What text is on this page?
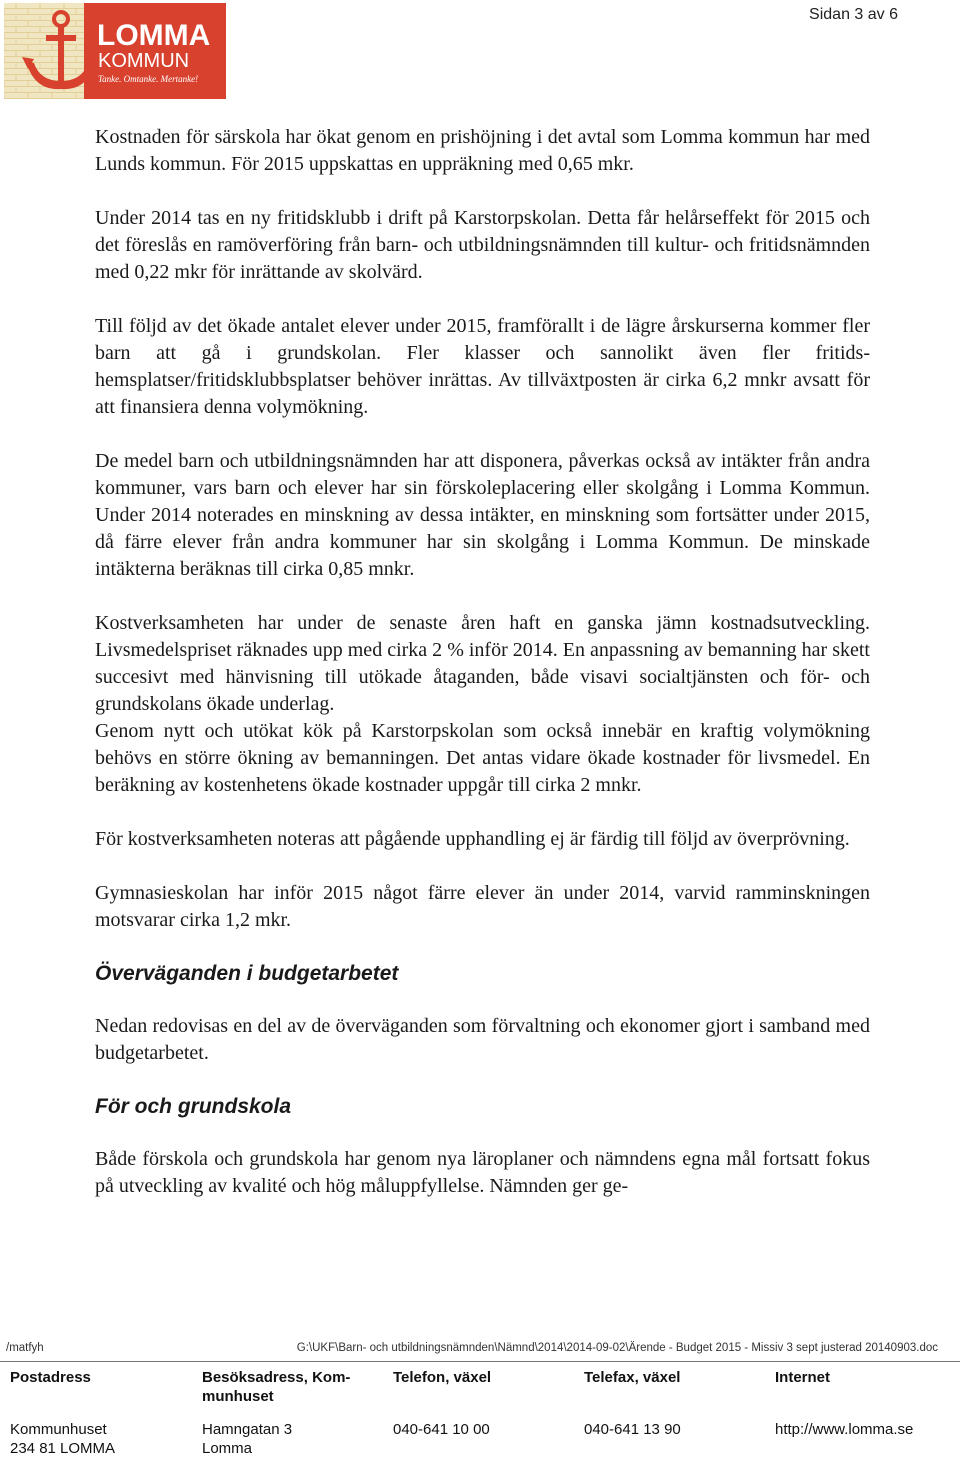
LOMMA
KOMMUN
Tanke. Omtanke. Mertanke!
Sidan 3 av 6

Kostnaden för särskola har ökat genom en prishöjning i det avtal som Lomma kommun har med Lunds kommun. För 2015 uppskattas en uppräkning med 0,65 mkr.

Under 2014 tas en ny fritidsklubb i drift på Karstorpskolan. Detta får helårseffekt för 2015 och det föreslås en ramöverföring från barn- och utbildningsnämnden till kultur- och fritidsnämnden med 0,22 mkr för inrättande av skolvärd.

Till följd av det ökade antalet elever under 2015, framförallt i de lägre årskurserna kommer fler barn att gå i grundskolan. Fler klasser och sannolikt även fler fritidshemsplatser/fritidsklubbsplatser behöver inrättas. Av tillväxtposten är cirka 6,2 mnkr avsatt för att finansiera denna volymökning.

De medel barn och utbildningsnämnden har att disponera, påverkas också av intäkter från andra kommuner, vars barn och elever har sin förskoleplacering eller skolgång i Lomma Kommun. Under 2014 noterades en minskning av dessa intäkter, en minskning som fortsätter under 2015, då färre elever från andra kommuner har sin skolgång i Lomma Kommun. De minskade intäkterna beräknas till cirka 0,85 mnkr.

Kostverksamheten har under de senaste åren haft en ganska jämn kostnadsutveckling. Livsmedelspriset räknades upp med cirka 2 % inför 2014. En anpassning av bemanning har skett succesivt med hänvisning till utökade åtaganden, både visavi socialtjänsten och för- och grundskolans ökade underlag.

Genom nytt och utökat kök på Karstorpskolan som också innebär en kraftig volymökning behövs en större ökning av bemanningen. Det antas vidare ökade kostnader för livsmedel. En beräkning av kostenhetens ökade kostnader uppgår till cirka 2 mnkr.

För kostverksamheten noteras att pågående upphandling ej är färdig till följd av överprövning.

Gymnasieskolan har inför 2015 något färre elever än under 2014, varvid ramminskningen motsvarar cirka 1,2 mkr.

Överväganden i budgetarbetet

Nedan redovisas en del av de överväganden som förvaltning och ekonomer gjort i samband med budgetarbetet.

För och grundskola

Både förskola och grundskola har genom nya läroplaner och nämndens egna mål fortsatt fokus på utveckling av kvalité och hög måluppfyllelse. Nämnden ger ge-

/matfyh	G:\UKF\Barn- och utbildningsnämnden\Nämnd\2014\2014-09-02\Ärende - Budget 2015 - Missiv 3 sept justerad 20140903.doc
Postadress
Kommunhuset
234 81 LOMMA
Besöksadress, Kom-
munhuset
Hamngatan 3
Lomma
Telefon, växel
040-641 10 00
Telefax, växel
040-641 13 90
Internet
http://www.lomma.se
